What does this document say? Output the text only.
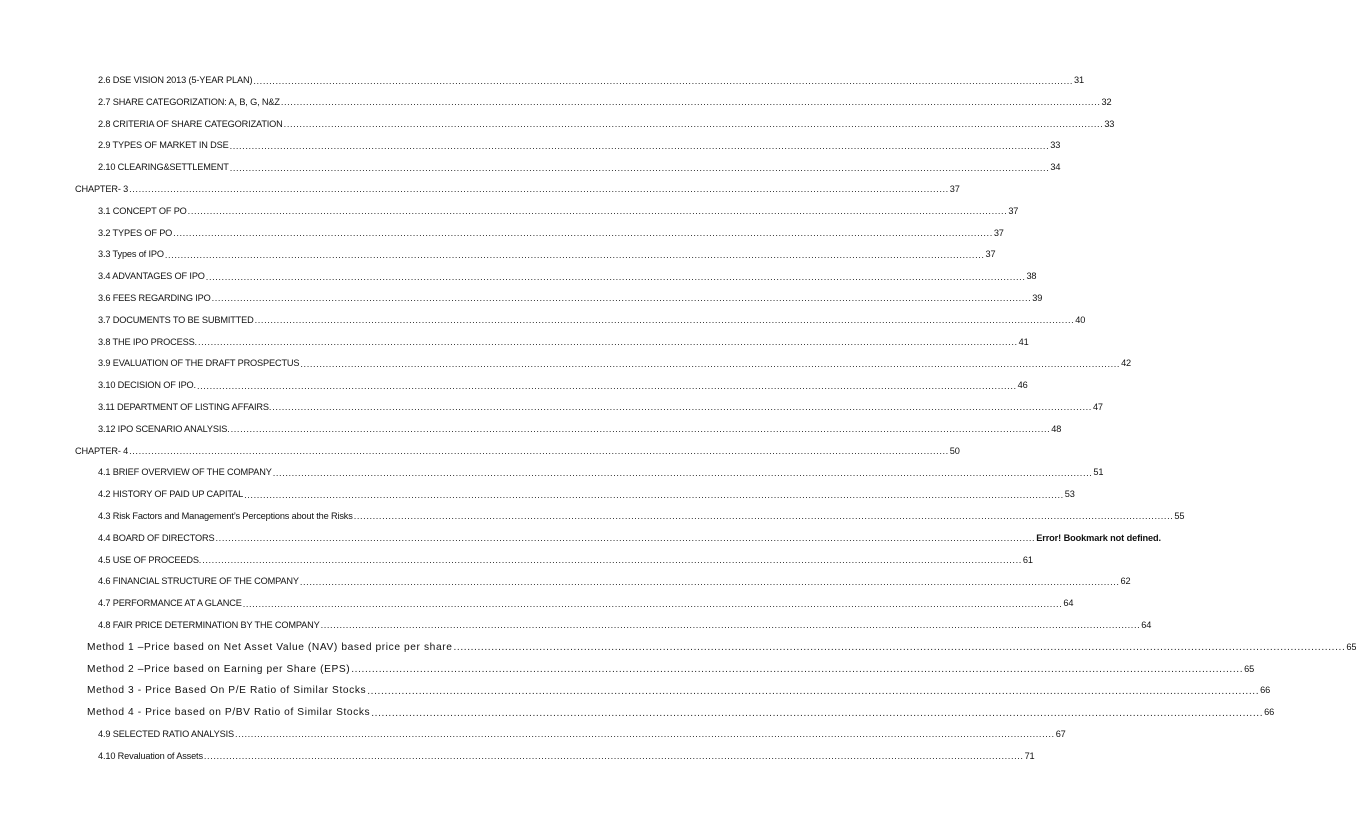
2.6 DSE VISION 2013 (5-YEAR PLAN) .................................................................................................................................................................................................................................................................... 31
2.7 SHARE CATEGORIZATION: A, B, G, N&Z .................................................................................................................................................................................................................................................................... 32
2.8 CRITERIA OF SHARE CATEGORIZATION .................................................................................................................................................................................................................................................................... 33
2.9 TYPES OF MARKET IN DSE .................................................................................................................................................................................................................................................................... 33
2.10 CLEARING&SETTLEMENT .................................................................................................................................................................................................................................................................... 34
CHAPTER- 3 .................................................................................................................................................................................................................................................................... 37
3.1 CONCEPT OF PO .................................................................................................................................................................................................................................................................... 37
3.2 TYPES OF PO .................................................................................................................................................................................................................................................................... 37
3.3 Types of IPO .................................................................................................................................................................................................................................................................... 37
3.4 ADVANTAGES OF IPO .................................................................................................................................................................................................................................................................... 38
3.6 FEES REGARDING IPO .................................................................................................................................................................................................................................................................... 39
3.7 DOCUMENTS TO BE SUBMITTED .................................................................................................................................................................................................................................................................... 40
3.8 THE IPO PROCESS. .................................................................................................................................................................................................................................................................... 41
3.9 EVALUATION OF THE DRAFT PROSPECTUS .................................................................................................................................................................................................................................................................... 42
3.10 DECISION OF IPO. .................................................................................................................................................................................................................................................................... 46
3.11 DEPARTMENT OF LISTING AFFAIRS. .................................................................................................................................................................................................................................................................... 47
3.12 IPO SCENARIO ANALYSIS. .................................................................................................................................................................................................................................................................... 48
CHAPTER- 4 .................................................................................................................................................................................................................................................................... 50
4.1 BRIEF OVERVIEW OF THE COMPANY .................................................................................................................................................................................................................................................................... 51
4.2 HISTORY OF PAID UP CAPITAL .................................................................................................................................................................................................................................................................... 53
4.3 Risk Factors and Management’s Perceptions about the Risks .................................................................................................................................................................................................................................................................... 55
4.4 BOARD OF DIRECTORS .................................................................................................................................................................................................................................................................... Error! Bookmark not defined.
4.5 USE OF PROCEEDS. .................................................................................................................................................................................................................................................................... 61
4.6 FINANCIAL STRUCTURE OF THE COMPANY .................................................................................................................................................................................................................................................................... 62
4.7 PERFORMANCE AT A GLANCE .................................................................................................................................................................................................................................................................... 64
4.8 FAIR PRICE DETERMINATION BY THE COMPANY .................................................................................................................................................................................................................................................................... 64
Method 1 –Price based on Net Asset Value (NAV) based price per share .................................................................................................................................................................................................................................................................... 65
Method 2 –Price based on Earning per Share (EPS) .................................................................................................................................................................................................................................................................... 65
Method 3 - Price Based On P/E Ratio of Similar Stocks .................................................................................................................................................................................................................................................................... 66
Method 4 - Price based on P/BV Ratio of Similar Stocks .................................................................................................................................................................................................................................................................... 66
4.9 SELECTED RATIO ANALYSIS .................................................................................................................................................................................................................................................................... 67
4.10 Revaluation of Assets .................................................................................................................................................................................................................................................................... 71
